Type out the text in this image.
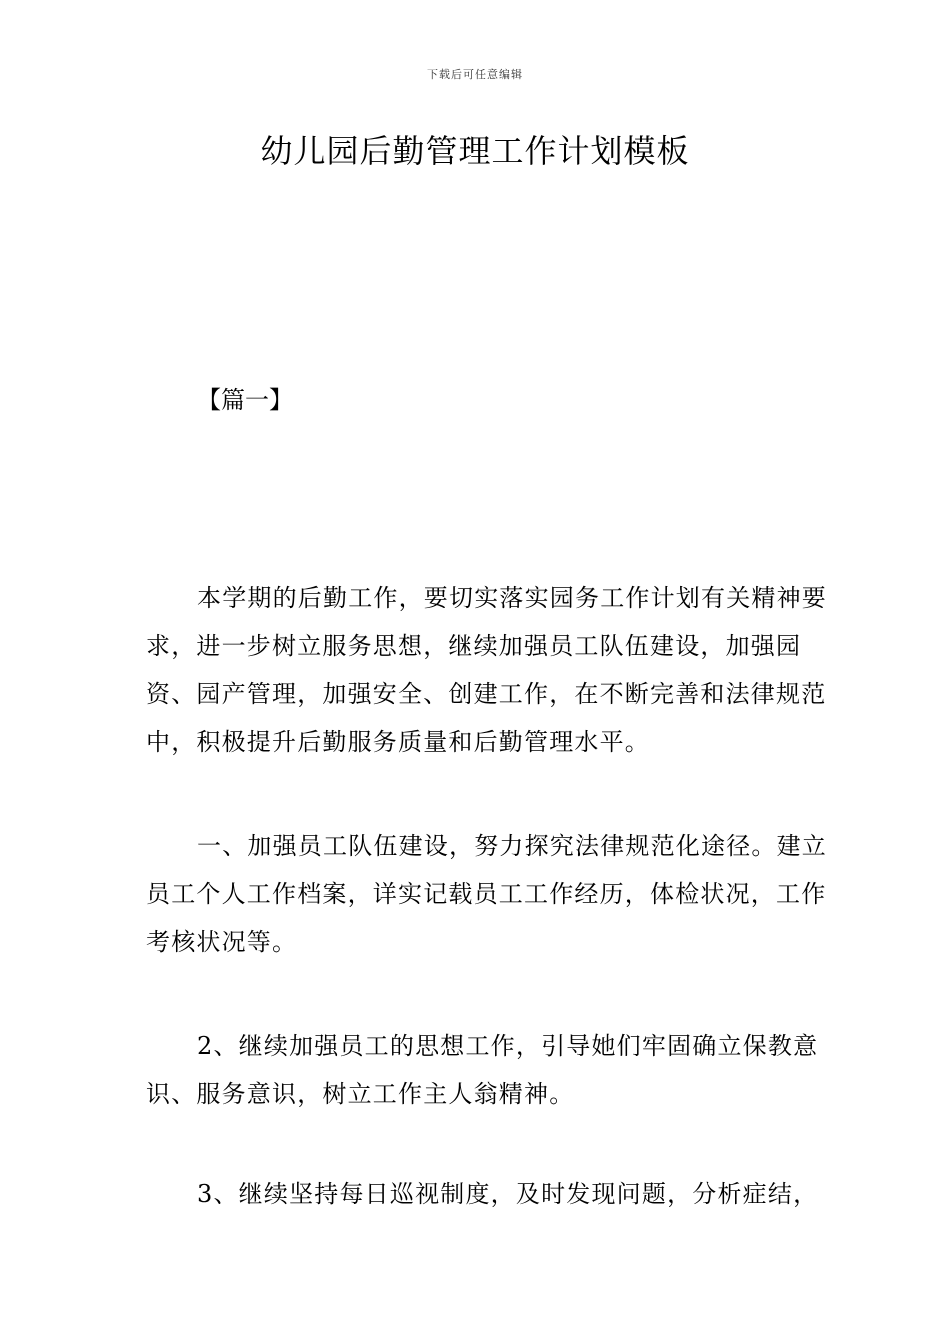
下载后可任意编辑
幼儿园后勤管理工作计划模板
【篇一】

本学期的后勤工作，要切实落实园务工作计划有关精神要求，进一步树立服务思想，继续加强员工队伍建设，加强园资、园产管理，加强安全、创建工作，在不断完善和法律规范中，积极提升后勤服务质量和后勤管理水平。

一、加强员工队伍建设，努力探究法律规范化途径。建立员工个人工作档案，详实记载员工工作经历，体检状况，工作考核状况等。

2、继续加强员工的思想工作，引导她们牢固确立保教意识、服务意识，树立工作主人翁精神。

3、继续坚持每日巡视制度，及时发现问题，分析症结，
